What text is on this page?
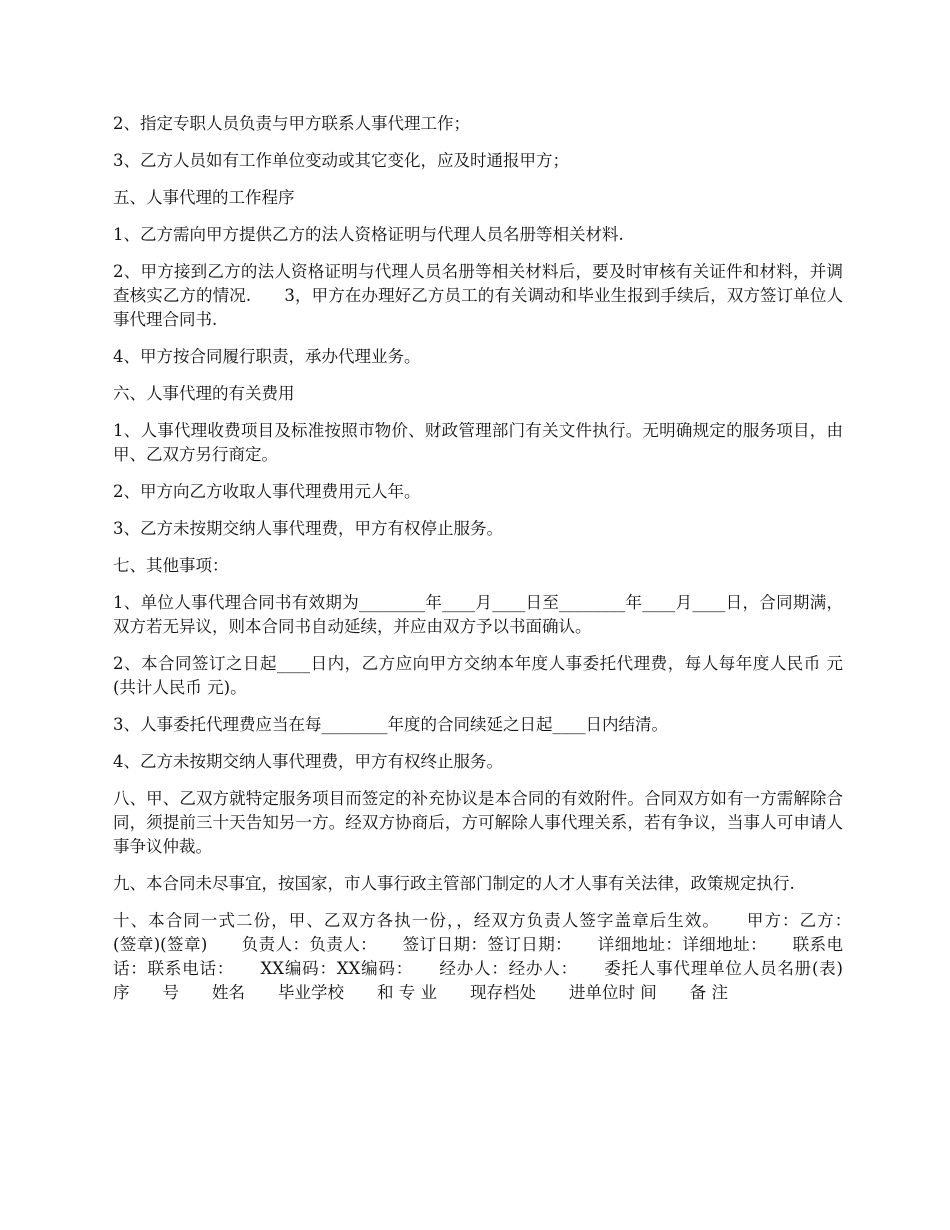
2、指定专职人员负责与甲方联系人事代理工作；

3、乙方人员如有工作单位变动或其它变化，应及时通报甲方；

五、人事代理的工作程序

1、乙方需向甲方提供乙方的法人资格证明与代理人员名册等相关材料.

2、甲方接到乙方的法人资格证明与代理人员名册等相关材料后，要及时审核有关证件和材料，并调查核实乙方的情况.　　3，甲方在办理好乙方员工的有关调动和毕业生报到手续后，双方签订单位人事代理合同书.

4、甲方按合同履行职责，承办代理业务。

六、人事代理的有关费用

1、人事代理收费项目及标准按照市物价、财政管理部门有关文件执行。无明确规定的服务项目，由甲、乙双方另行商定。

2、甲方向乙方收取人事代理费用元人年。

3、乙方未按期交纳人事代理费，甲方有权停止服务。

七、其他事项：

1、单位人事代理合同书有效期为________年____月____日至________年____月____日，合同期满，双方若无异议，则本合同书自动延续，并应由双方予以书面确认。

2、本合同签订之日起____日内，乙方应向甲方交纳本年度人事委托代理费，每人每年度人民币 元(共计人民币 元)。

3、人事委托代理费应当在每________年度的合同续延之日起____日内结清。

4、乙方未按期交纳人事代理费，甲方有权终止服务。

八、甲、乙双方就特定服务项目而签定的补充协议是本合同的有效附件。合同双方如有一方需解除合同，须提前三十天告知另一方。经双方协商后，方可解除人事代理关系，若有争议，当事人可申请人事争议仲裁。

九、本合同未尽事宜，按国家，市人事行政主管部门制定的人才人事有关法律，政策规定执行.

十、本合同一式二份，甲、乙双方各执一份，，经双方负责人签字盖章后生效。　　甲方：乙方：　　(签章)(签章)　　负责人：负责人：　　签订日期：签订日期：　　详细地址：详细地址：　　联系电话：联系电话：　　XX编码：XX编码：　　经办人：经办人：　　委托人事代理单位人员名册(表)　　序　　号　　姓名　　毕业学校　　和 专 业　　现存档处　　进单位时 间　　备 注
